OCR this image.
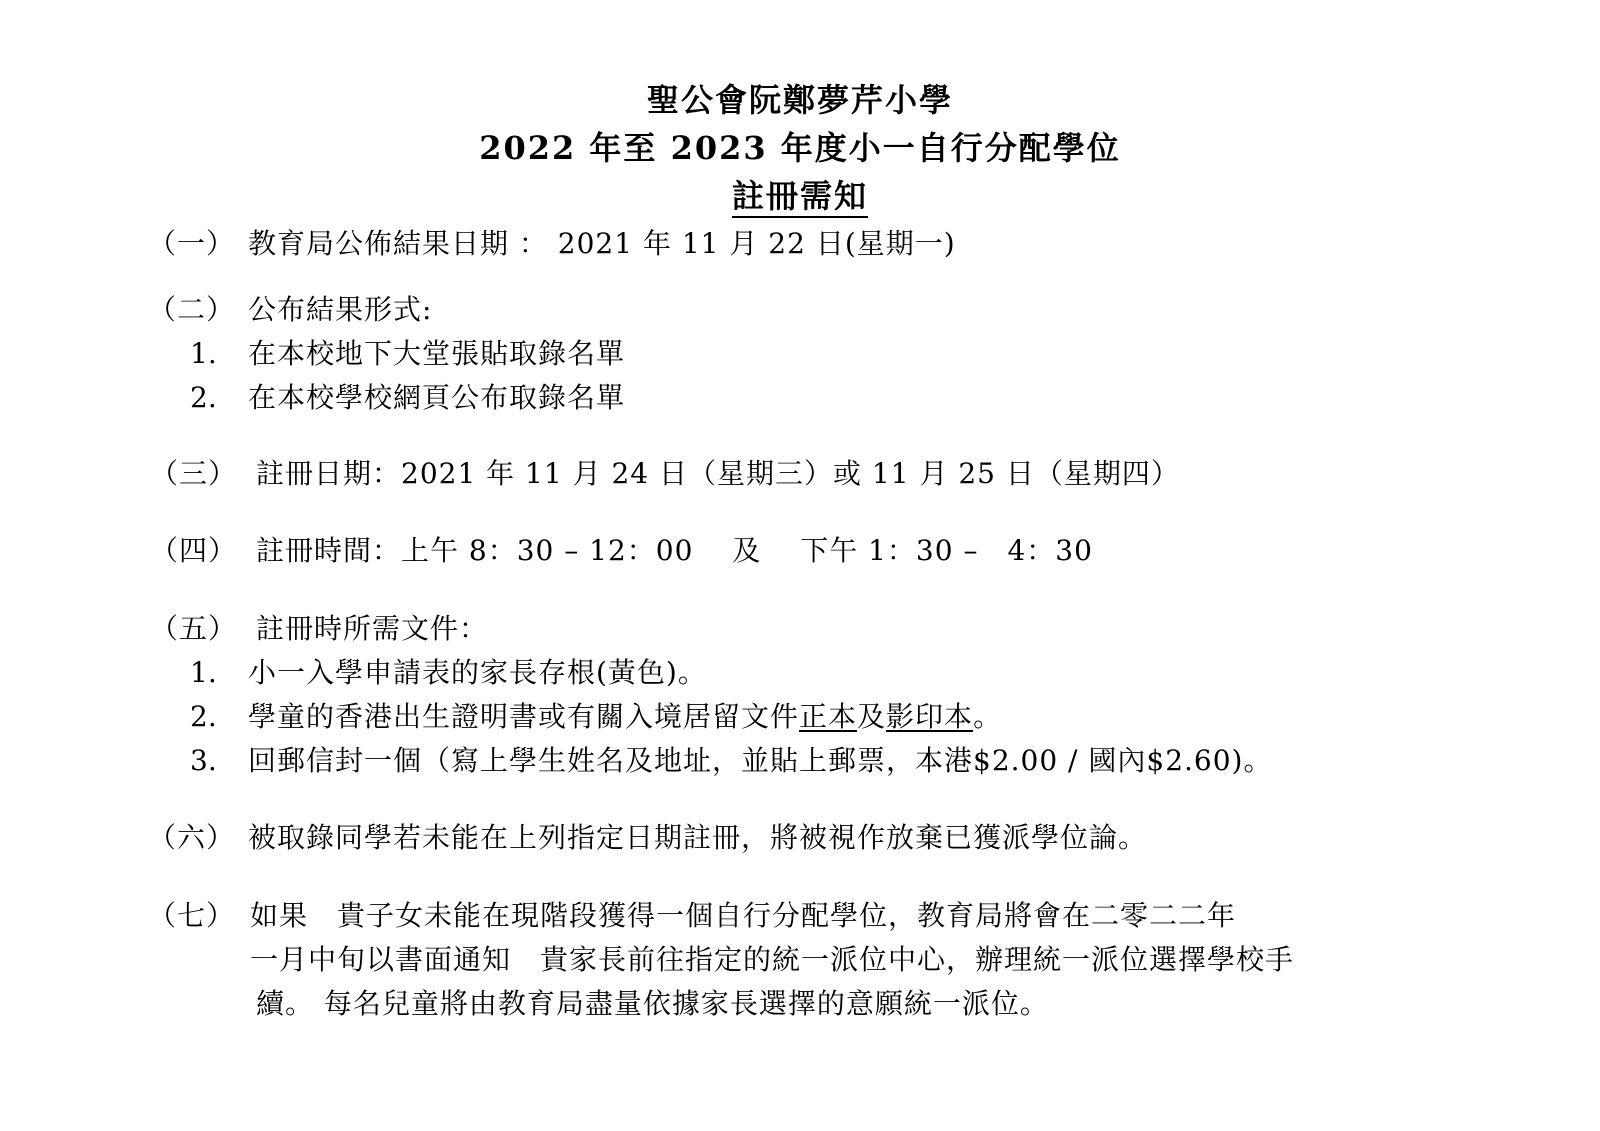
聖公會阮鄭夢芹小學
2022 年至 2023 年度小一自行分配學位
註冊需知
（一） 教育局公佈結果日期 ： 2021 年 11 月 22 日(星期一)
（二） 公布結果形式:
1. 在本校地下大堂張貼取錄名單
2. 在本校學校網頁公布取錄名單
（三） 註冊日期：2021 年 11 月 24 日（星期三）或 11 月 25 日（星期四）
（四） 註冊時間：上午 8：30 – 12：00　 及　 下午 1：30 –　4：30
（五） 註冊時所需文件：
1. 小一入學申請表的家長存根(黃色)。
2. 學童的香港出生證明書或有關入境居留文件正本及影印本。
3. 回郵信封一個（寫上學生姓名及地址，並貼上郵票，本港$2.00 / 國內$2.60)。
（六） 被取錄同學若未能在上列指定日期註冊，將被視作放棄已獲派學位論。
（七） 如果　貴子女未能在現階段獲得一個自行分配學位，教育局將會在二零二二年
一月中旬以書面通知　貴家長前往指定的統一派位中心，辦理統一派位選擇學校手
續。 每名兒童將由教育局盡量依據家長選擇的意願統一派位。
